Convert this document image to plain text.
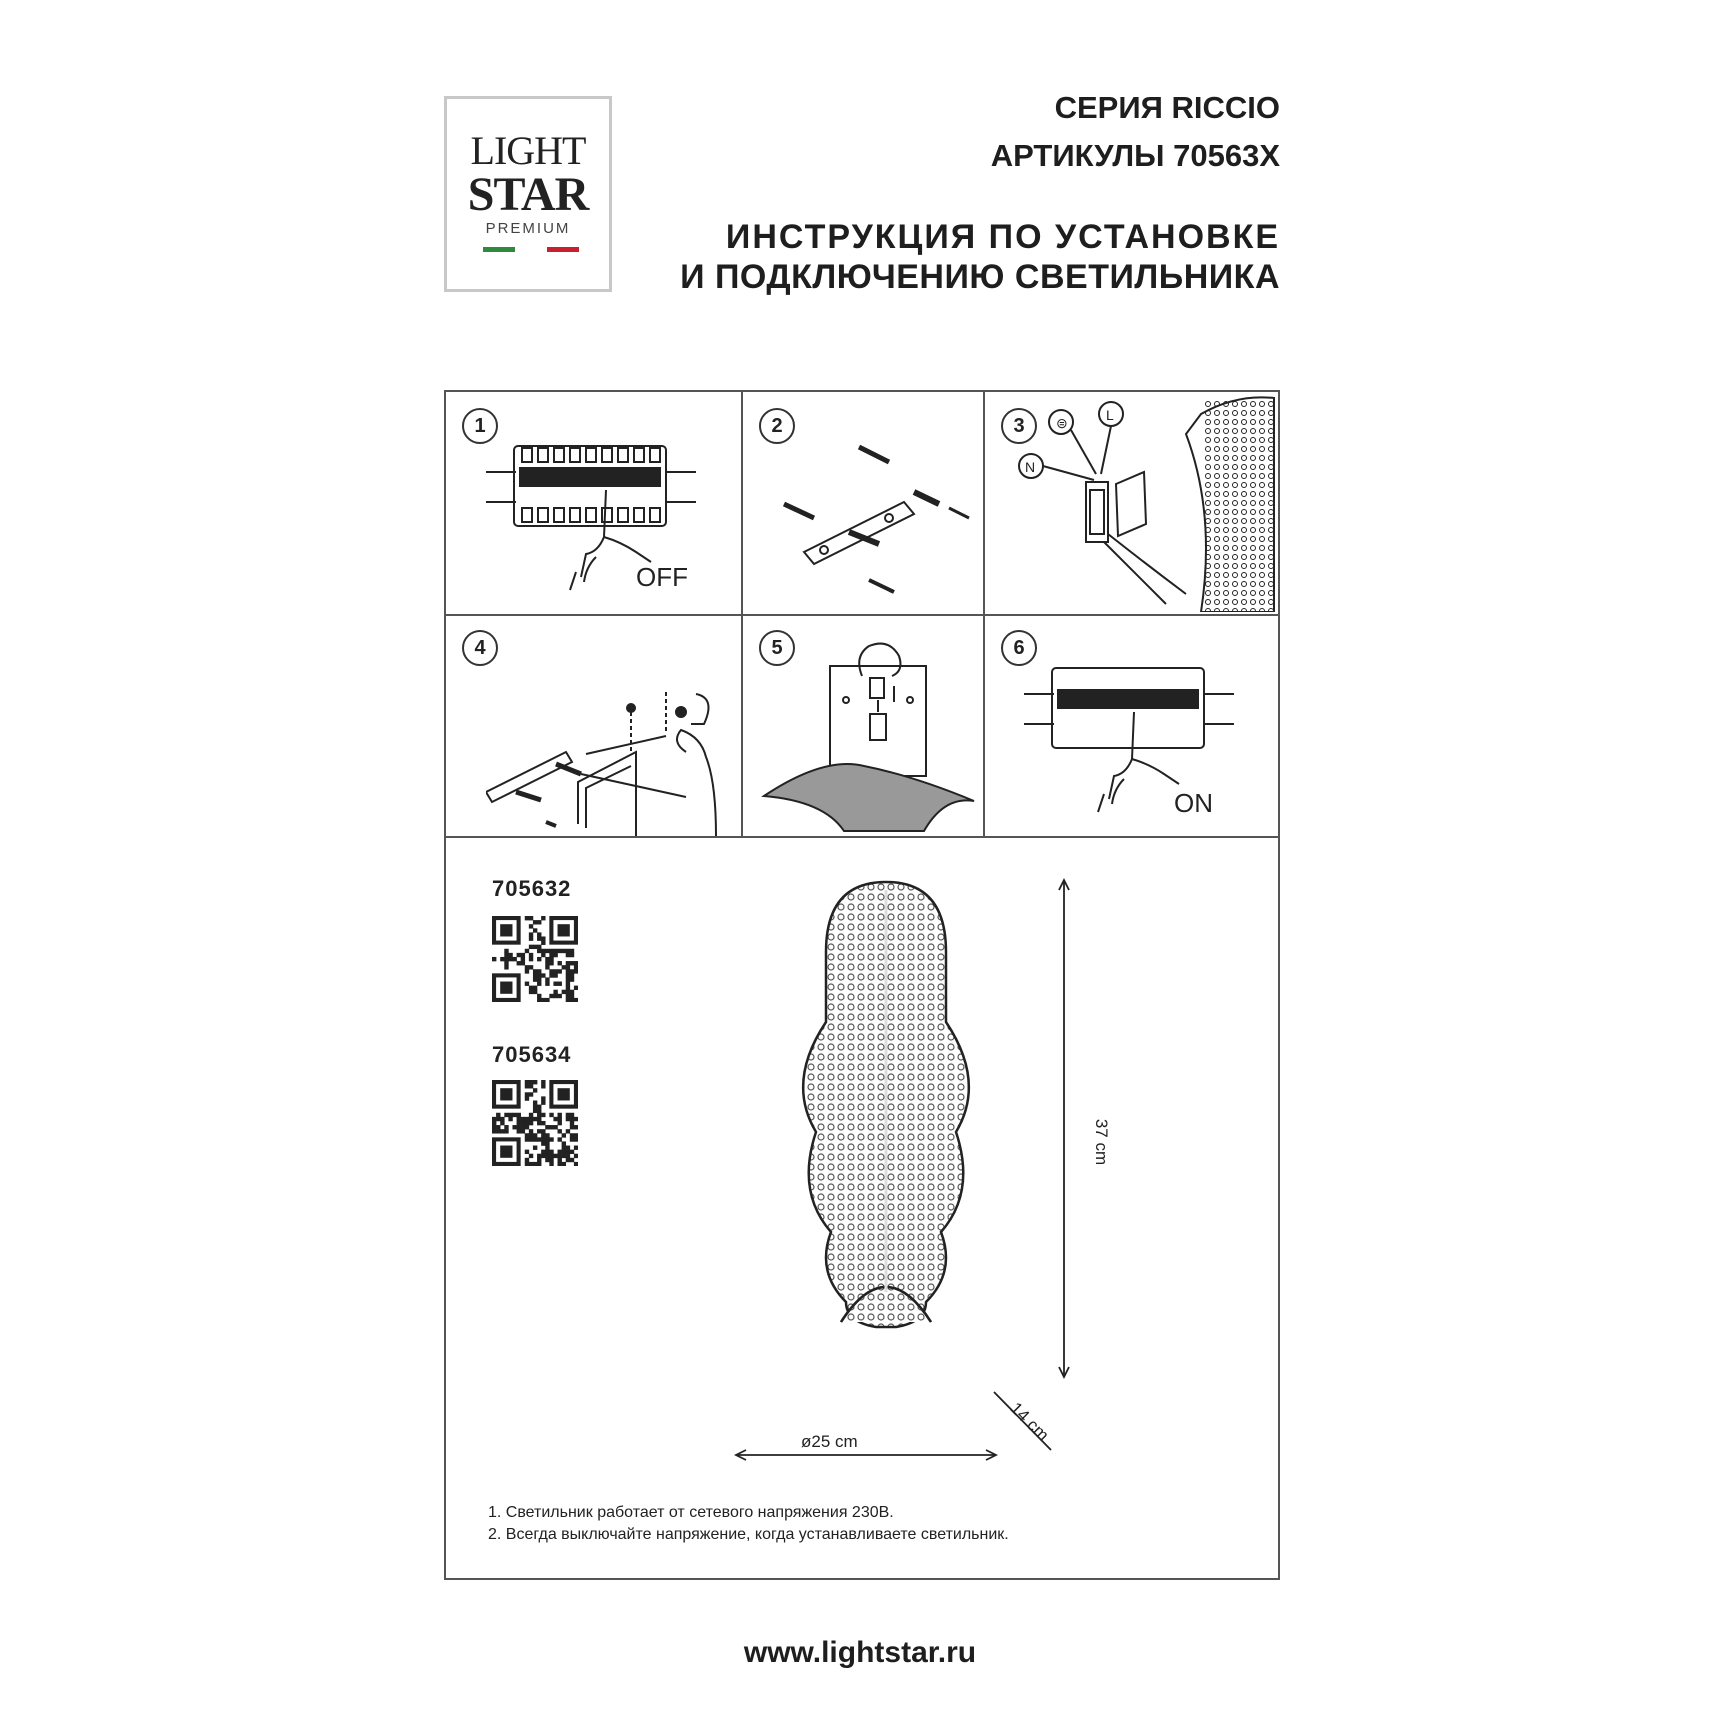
LIGHT
STAR
PREMIUM
СЕРИЯ RICCIO
АРТИКУЛЫ 70563X
ИНСТРУКЦИЯ ПО УСТАНОВКЕ
И ПОДКЛЮЧЕНИЮ СВЕТИЛЬНИКА
1
OFF
2	3	⊜	L
N
4	5	6
ON
705632
705634
37 cm
14 cm
ø25 cm
1. Светильник работает от сетевого напряжения 230В.
2. Всегда выключайте напряжение, когда устанавливаете светильник.
www.lightstar.ru
